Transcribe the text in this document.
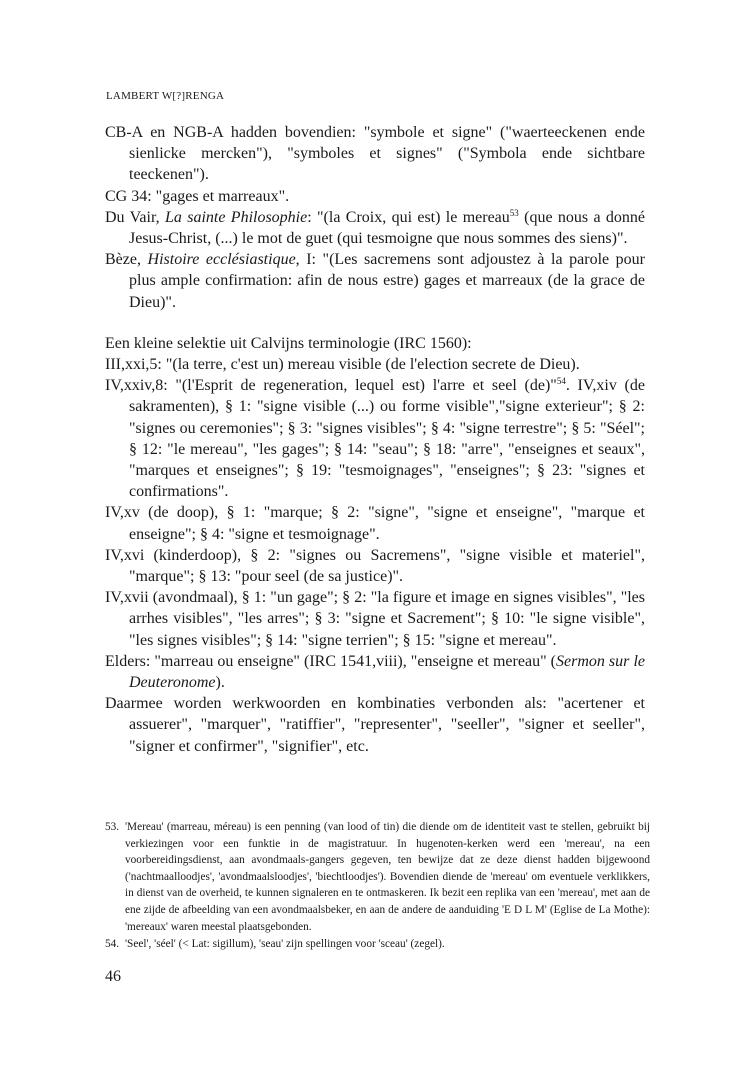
LAMBERT W[?]RENGA

CB-A en NGB-A hadden bovendien: "symbole et signe" ("waerteeckenen ende sienlicke mercken"), "symboles et signes" ("Symbola ende sichtbare teeckenen").

CG 34: "gages et marreaux".

Du Vair, La sainte Philosophie: "(la Croix, qui est) le mereau$^{53}$ (que nous a donné Jesus-Christ, (...) le mot de guet (qui tesmoigne que nous sommes des siens)".

Bèze, Histoire ecclésiastique, I: "(Les sacremens sont adjoustez à la parole pour plus ample confirmation: afin de nous estre) gages et marreaux (de la grace de Dieu)".

Een kleine selektie uit Calvijns terminologie (IRC 1560):

III,xxi,5: "(la terre, c'est un) mereau visible (de l'election secrete de Dieu).

IV,xxiv,8: "(l'Esprit de regeneration, lequel est) l'arre et seel (de)"$^{54}$. IV,xiv (de sakramenten), § 1: "signe visible (...) ou forme visible","signe exterieur"; § 2: "signes ou ceremonies"; § 3: "signes visibles"; § 4: "signe terrestre"; § 5: "Séel"; § 12: "le mereau", "les gages"; § 14: "seau"; § 18: "arre", "enseignes et seaux", "marques et enseignes"; § 19: "tesmoignages", "enseignes"; § 23: "signes et confirmations".

IV,xv (de doop), § 1: "marque; § 2: "signe", "signe et enseigne", "marque et enseigne"; § 4: "signe et tesmoignage".

IV,xvi (kinderdoop), § 2: "signes ou Sacremens", "signe visible et materiel", "marque"; § 13: "pour seel (de sa justice)".

IV,xvii (avondmaal), § 1: "un gage"; § 2: "la figure et image en signes visibles", "les arrhes visibles", "les arres"; § 3: "signe et Sacrement"; § 10: "le signe visible", "les signes visibles"; § 14: "signe terrien"; § 15: "signe et mereau".

Elders: "marreau ou enseigne" (IRC 1541,viii), "enseigne et mereau" (Sermon sur le Deuteronome).

Daarmee worden werkwoorden en kombinaties verbonden als: "acertener et assuerer", "marquer", "ratiffier", "representer", "seeller", "signer et seeller", "signer et confirmer", "signifier", etc.

53. 'Mereau' (marreau, méreau) is een penning (van lood of tin) die diende om de identiteit vast te stellen, gebruikt bij verkiezingen voor een funktie in de magistratuur. In hugenoten-kerken werd een 'mereau', na een voorbereidingsdienst, aan avondmaals-gangers gegeven, ten bewijze dat ze deze dienst hadden bijgewoond ('nachtmaalloodjes', 'avondmaalsloodjes', 'biechtloodjes'). Bovendien diende de 'mereau' om eventuele verklikkers, in dienst van de overheid, te kunnen signaleren en te ontmaskeren. Ik bezit een replika van een 'mereau', met aan de ene zijde de afbeelding van een avondmaalsbeker, en aan de andere de aanduiding 'E D L M' (Eglise de La Mothe): 'mereaux' waren meestal plaatsgebonden.

54. 'Seel', 'séel' (< Lat: sigillum), 'seau' zijn spellingen voor 'sceau' (zegel).

46
